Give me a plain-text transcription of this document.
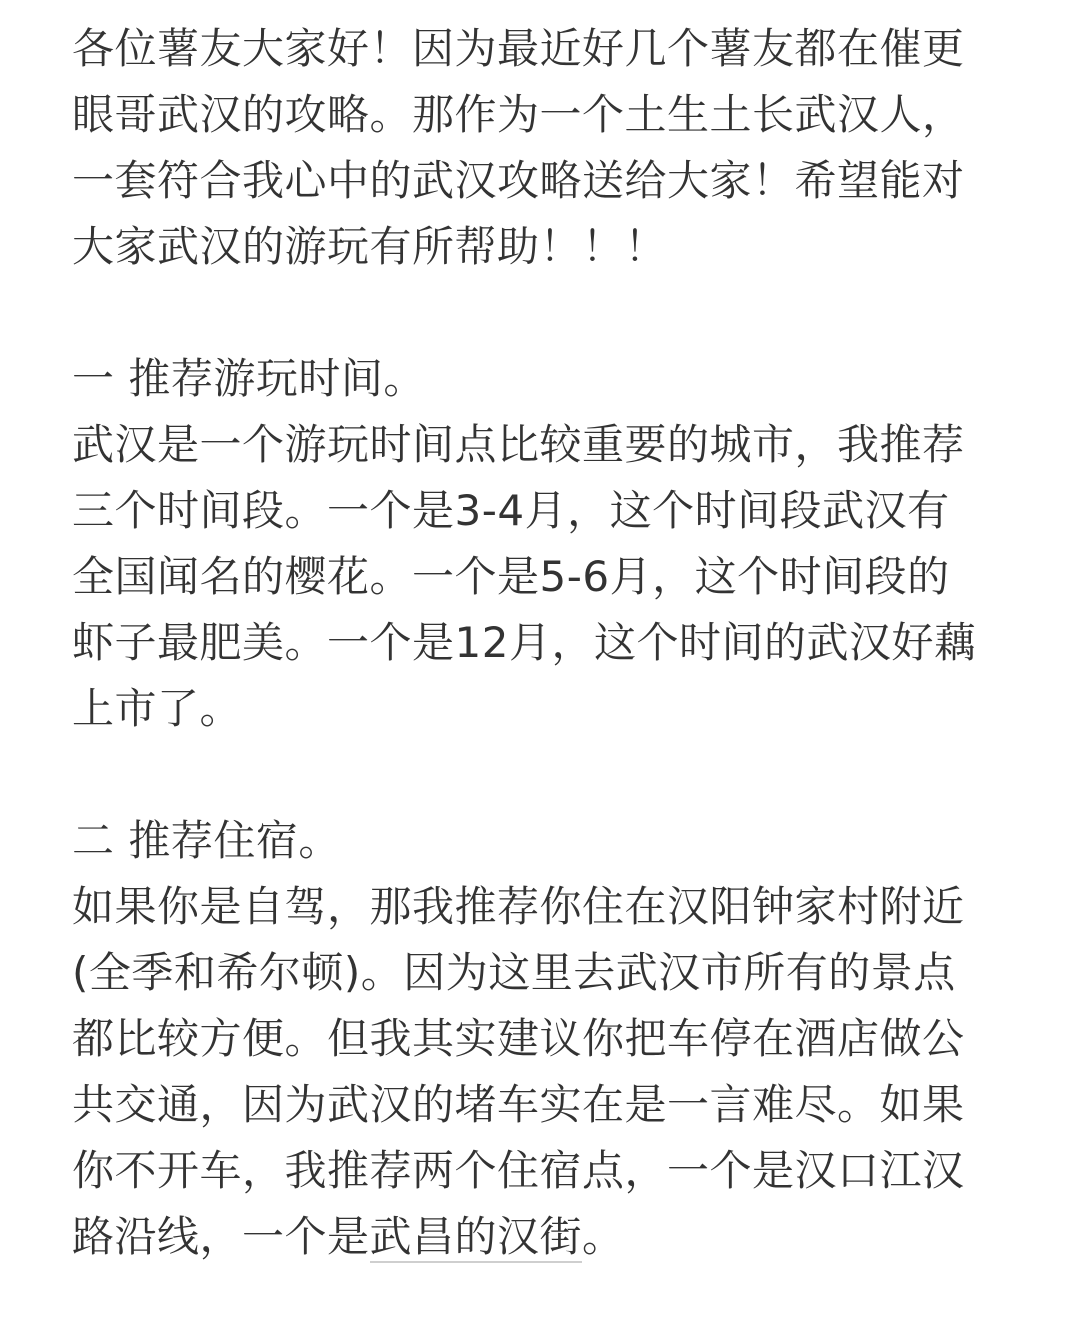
各位薯友大家好！因为最近好几个薯友都在催更
眼哥武汉的攻略。那作为一个土生土长武汉人，
一套符合我心中的武汉攻略送给大家！希望能对
大家武汉的游玩有所帮助！！！
一 推荐游玩时间。
武汉是一个游玩时间点比较重要的城市，我推荐
三个时间段。一个是3-4月，这个时间段武汉有
全国闻名的樱花。一个是5-6月，这个时间段的
虾子最肥美。一个是12月，这个时间的武汉好藕
上市了。
二 推荐住宿。
如果你是自驾，那我推荐你住在汉阳钟家村附近
(全季和希尔顿)。因为这里去武汉市所有的景点
都比较方便。但我其实建议你把车停在酒店做公
共交通，因为武汉的堵车实在是一言难尽。如果
你不开车，我推荐两个住宿点，一个是汉口江汉
路沿线，一个是武昌的汉街。
